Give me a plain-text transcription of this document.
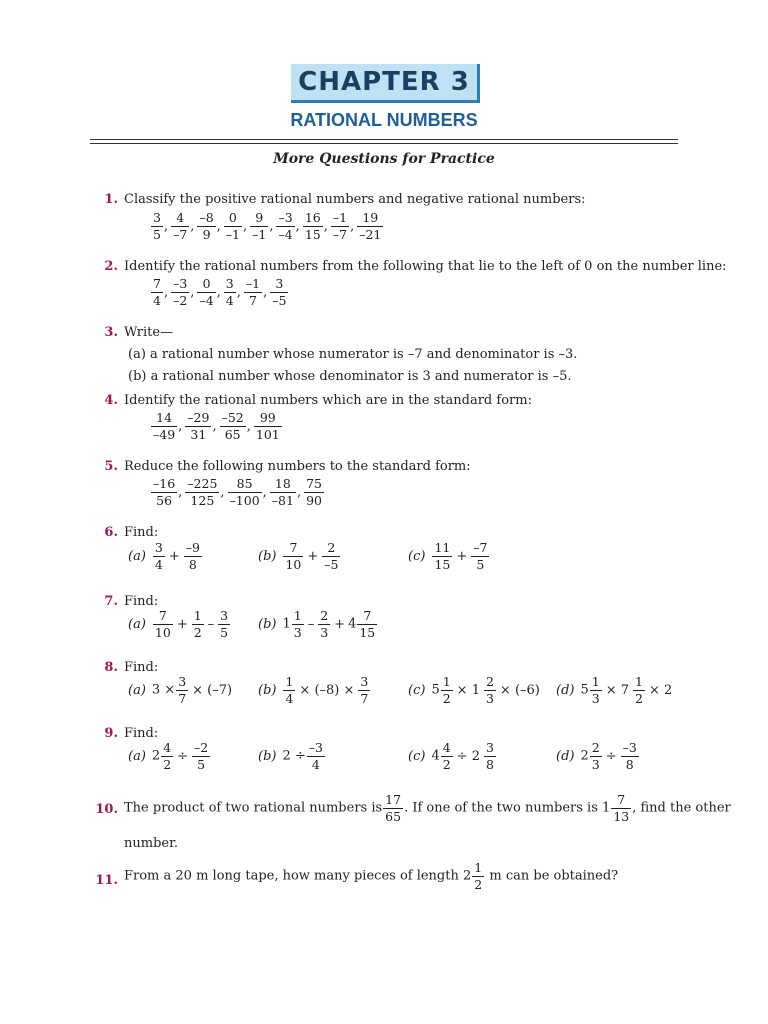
CHAPTER 3
RATIONAL NUMBERS
More Questions for Practice
1. Classify the positive rational numbers and negative rational numbers:
$\frac{3}{5}$ , $\frac{4}{-7}$ , $\frac{-8}{9}$ , $\frac{0}{-1}$ , $\frac{9}{-1}$ , $\frac{-3}{-4}$ , $\frac{16}{15}$ , $\frac{-1}{-7}$ , $\frac{19}{-21}$
2. Identify the rational numbers from the following that lie to the left of 0 on the number line:
$\frac{7}{4}$ , $\frac{-3}{-2}$ , $\frac{0}{-4}$ , $\frac{3}{4}$ , $\frac{-1}{7}$ , $\frac{3}{-5}$
3. Write—
(a) a rational number whose numerator is –7 and denominator is –3.
(b) a rational number whose denominator is 3 and numerator is –5.
4. Identify the rational numbers which are in the standard form:
$\frac{14}{-49}$ , $\frac{-29}{31}$ , $\frac{-52}{65}$ , $\frac{99}{101}$
5. Reduce the following numbers to the standard form:
$\frac{-16}{56}$ , $\frac{-225}{125}$ , $\frac{85}{-100}$ , $\frac{18}{-81}$ , $\frac{75}{90}$
6. Find:
$(a) \frac{3}{4} + \frac{-9}{8}$	$(b) \frac{7}{10} + \frac{2}{-5}$	$(c) \frac{11}{15} + \frac{-7}{5}$
7. Find:
$(a) \frac{7}{10} + \frac{1}{2} - \frac{3}{5} (b)$ $1 \frac{1}{3} - \frac{2}{3} + 4 \frac{7}{15}$
8. Find:
(a) $3 \times \frac{3}{7} \times (-7)$ $(b) \frac{1}{4} \times (-8) \times \frac{3}{7}$	(c) $5 \frac{1}{2} \times 1 \frac{2}{3} \times (-6)$ (d) $5 \frac{1}{3} \times 7 \frac{1}{2} \times 2$
9. Find:
(a) $2 \frac{4}{2} \div \frac{-2}{5}$	(b) $2 \div \frac{-3}{4}$	(c) $4 \frac{4}{2} \div 2 \frac{3}{8}$	(d) $2 \frac{2}{3} \div \frac{-3}{8}$
10. The product of two rational numbers is $\frac{17}{65}$ . If one of the two numbers is $1 \frac{7}{13}$ , find the other
number.
11. From a 20 m long tape, how many pieces of length $2 \frac{1}{2}$ m can be obtained?
